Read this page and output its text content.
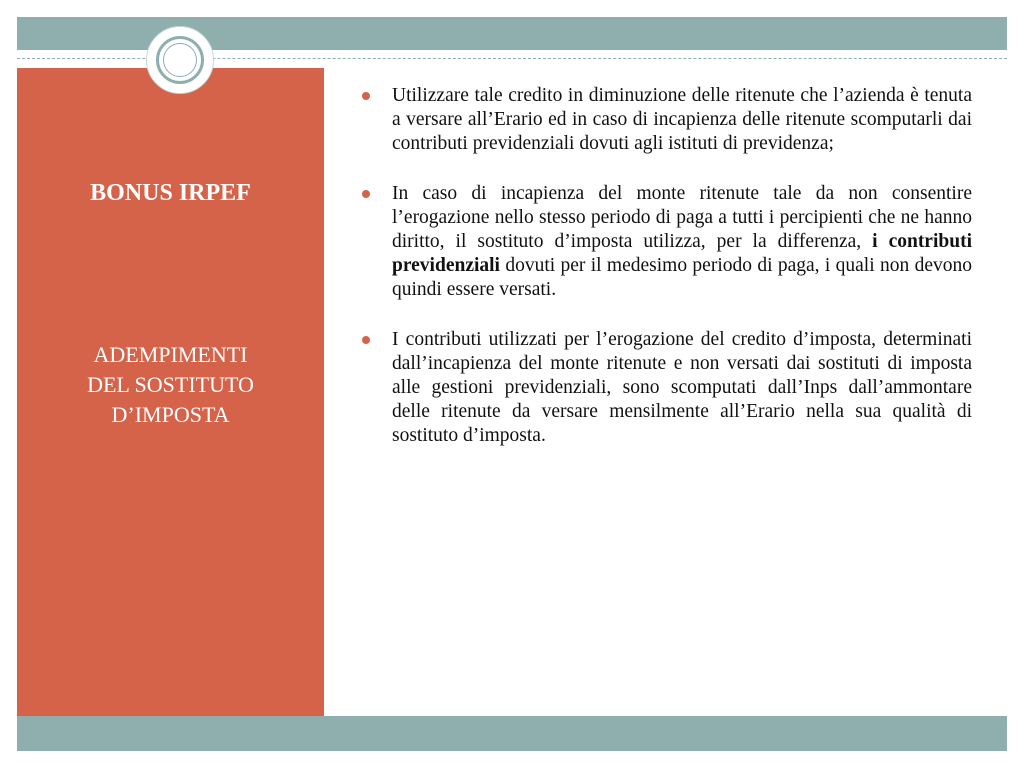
BONUS IRPEF
ADEMPIMENTI
DEL SOSTITUTO
D’IMPOSTA

Utilizzare tale credito in diminuzione delle ritenute che l’azienda è tenuta a versare all’Erario ed in caso di incapienza delle ritenute scomputarli dai contributi previdenziali dovuti agli istituti di previdenza;

In caso di incapienza del monte ritenute tale da non consentire l’erogazione nello stesso periodo di paga a tutti i percipienti che ne hanno diritto, il sostituto d’imposta utilizza, per la differenza, i contributi previdenziali dovuti per il medesimo periodo di paga, i quali non devono quindi essere versati.

I contributi utilizzati per l’erogazione del credito d’imposta, determinati dall’incapienza del monte ritenute e non versati dai sostituti di imposta alle gestioni previdenziali, sono scomputati dall’Inps dall’ammontare delle ritenute da versare mensilmente all’Erario nella sua qualità di sostituto d’imposta.
